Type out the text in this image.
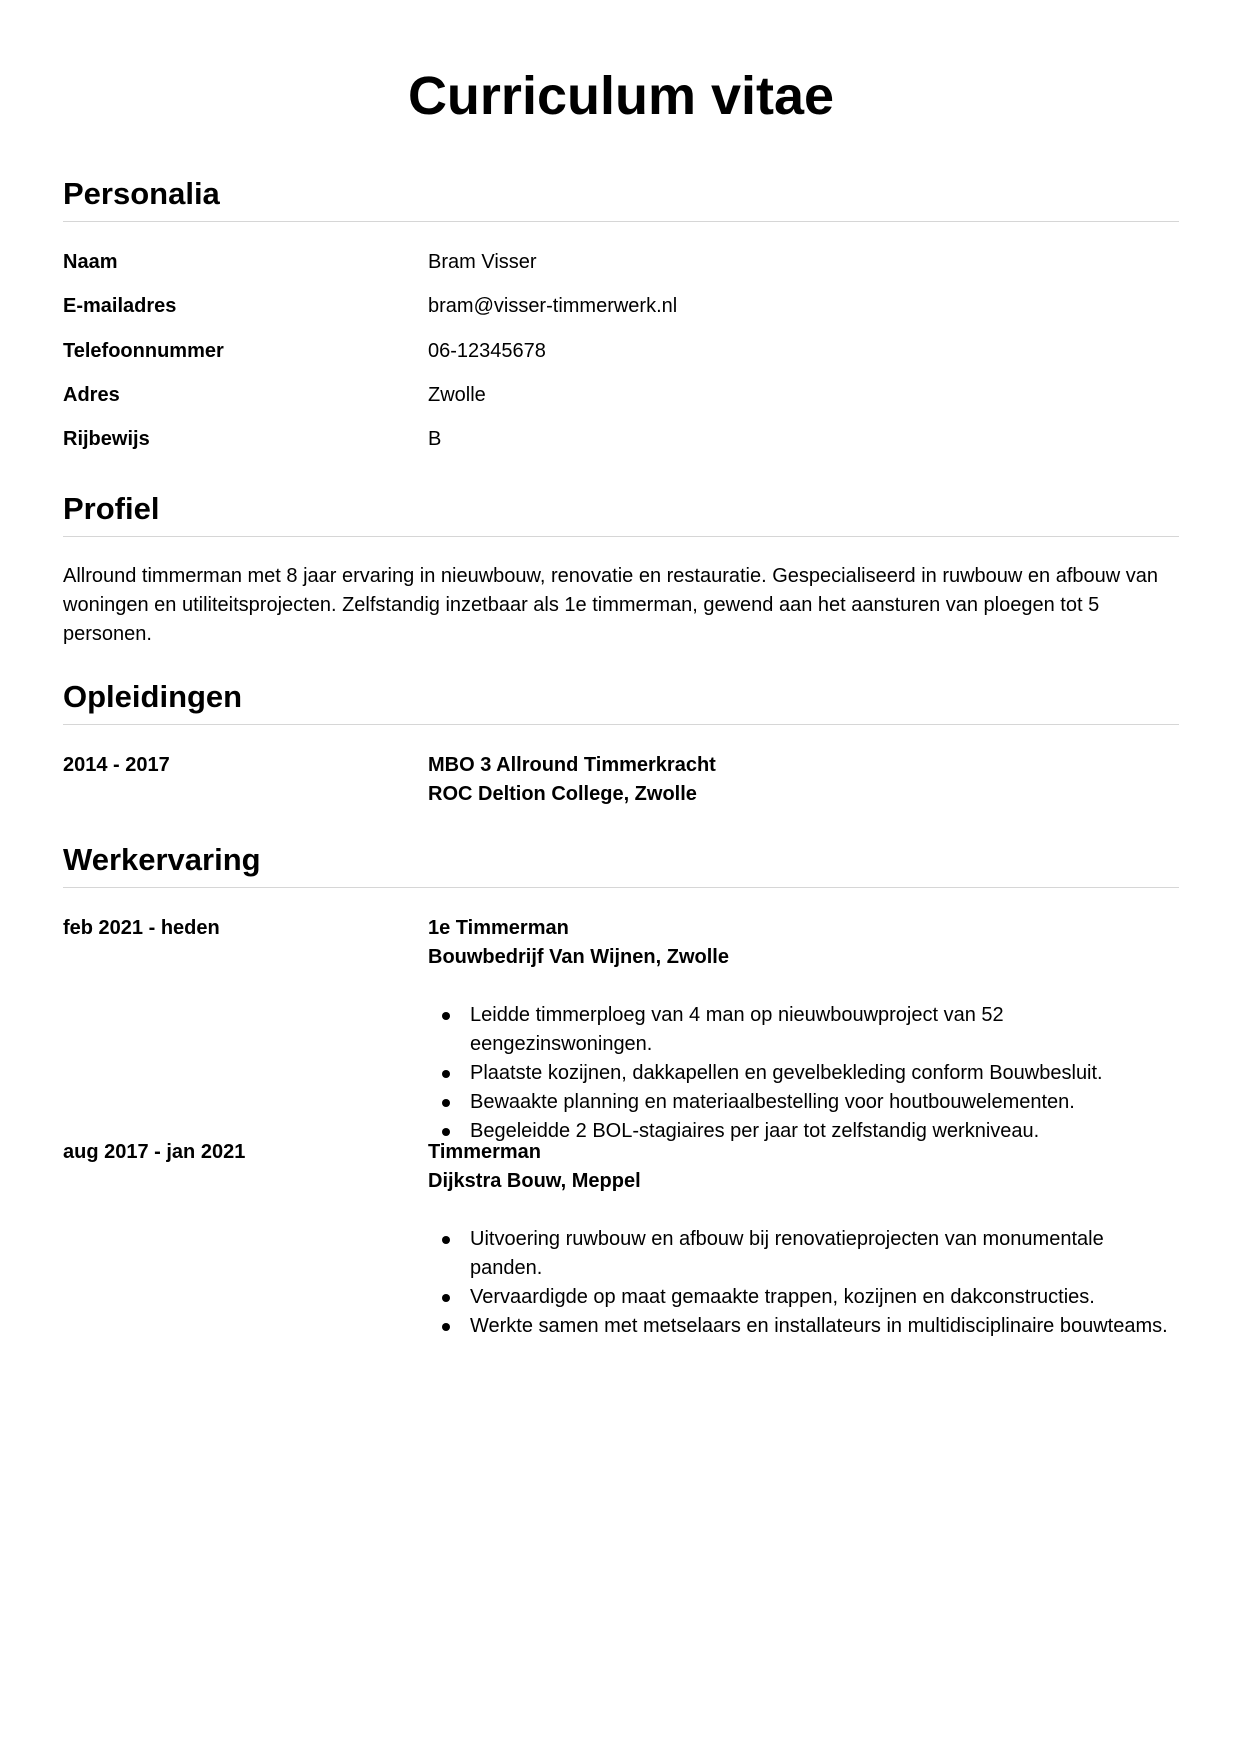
Curriculum vitae
Personalia
Naam	Bram Visser
E-mailadres	bram@visser-timmerwerk.nl
Telefoonnummer	06-12345678
Adres	Zwolle
Rijbewijs	B
Profiel

Allround timmerman met 8 jaar ervaring in nieuwbouw, renovatie en restauratie. Gespecialiseerd in ruwbouw en afbouw van woningen en utiliteitsprojecten. Zelfstandig inzetbaar als 1e timmerman, gewend aan het aansturen van ploegen tot 5 personen.

Opleidingen
2014 - 2017	MBO 3 Allround Timmerkracht
ROC Deltion College, Zwolle
Werkervaring
feb 2021 - heden	1e Timmerman
Bouwbedrijf Van Wijnen, Zwolle
Leidde timmerploeg van 4 man op nieuwbouwproject van 52 eengezinswoningen.
Plaatste kozijnen, dakkapellen en gevelbekleding conform Bouwbesluit.
Bewaakte planning en materiaalbestelling voor houtbouwelementen.
Begeleidde 2 BOL-stagiaires per jaar tot zelfstandig werkniveau.
aug 2017 - jan 2021	Timmerman
Dijkstra Bouw, Meppel
Uitvoering ruwbouw en afbouw bij renovatieprojecten van monumentale panden.
Vervaardigde op maat gemaakte trappen, kozijnen en dakconstructies.
Werkte samen met metselaars en installateurs in multidisciplinaire bouwteams.
